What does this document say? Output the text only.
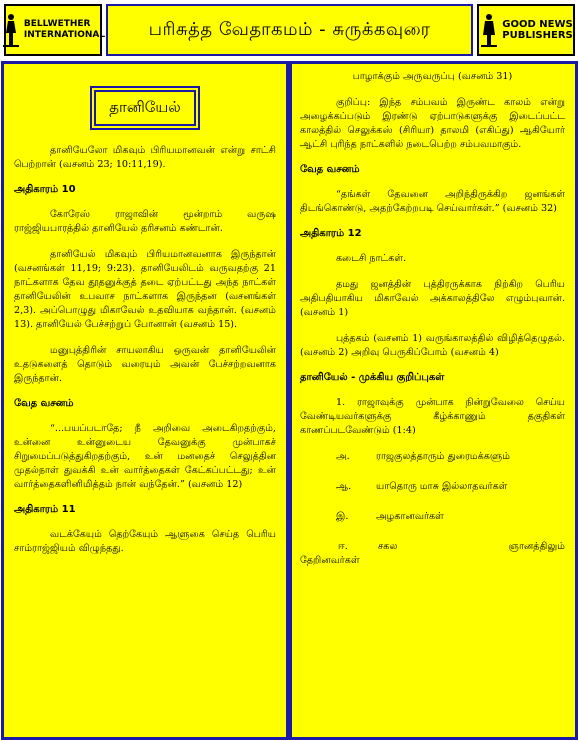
BELLWETHER
INTERNATIONAL பரிசுத்த வேதாகமம் - சுருக்கவுரை	GOOD NEWS
PUBLISHERS
தானியேல்

தானியேலோ மிகவும் பிரியமானவன் என்று சாட்சி பெற்றான் (வசனம் 23; 10:11,19).

அதிகாரம் 10

கோரேஸ் ராஜாவின் மூன்றாம் வருஷ ராஜ்ஜியபாரத்தில் தானியேல் தரிசனம் கண்டான்.

தானியேல் மிகவும் பிரியமானவனாக இருந்தான் (வசனங்கள் 11,19; 9:23). தானியேலிடம் வருவதற்கு 21 நாட்களாக தேவ தூதனுக்குத் தடை ஏற்பட்டது அந்த நாட்கள் தானியேலின் உபவாச நாட்களாக இருந்தன (வசனங்கள் 2,3). அப்பொழுது மிகாவேல் உதவியாக வந்தான். (வசனம் 13). தானியேல் பேச்சற்றுப் போனான் (வசனம் 15).

மனுபுத்திரின் சாயலாகிய ஒருவன் தானியேலின் உதடுகளைத் தொடும் வரையும் அவன் பேச்சற்றவனாக இருந்தான்.

வேத வசனம்

“...பயப்படாதே; நீ அறிவை அடைகிறதற்கும், உன்னை உன்னுடைய தேவனுக்கு முன்பாகச் சிறுமைப்படுத்துகிறதற்கும், உன் மனதைச் செலுத்தின முதல்நாள் துவக்கி உன் வார்த்தைகள் கேட்கப்பட்டது; உன் வார்த்தைகளினிமித்தம் நான் வந்தேன்.” (வசனம் 12)

அதிகாரம் 11

வடக்கேயும் தெற்கேயும் ஆளுகை செய்த பெரிய சாம்ராஜ்ஜியம் விழுந்தது.

பாழாக்கும் அருவருப்பு (வசனம் 31)

குறிப்பு: இந்த சம்பவம் இருண்ட காலம் என்று அழைக்கப்படும் இரண்டு ஏற்பாடுகளுக்கு இடைப்பட்ட காலத்தில் செலுக்கஸ் (சிரியா) தாலமி (எகிப்து) ஆகியோர் ஆட்சி புரிந்த நாட்களில் நடைபெற்ற சம்பவமாகும்.

வேத வசனம்

“தங்கள் தேவனை அறிந்திருக்கிற ஜனங்கள் திடங்கொண்டு, அதற்கேற்றபடி செய்வார்கள்.” (வசனம் 32)

அதிகாரம் 12

கடைசி நாட்கள்.

தமது ஜனத்தின் புத்திரருக்காக நிற்கிற பெரிய அதிபதியாகிய மிகாவேல் அக்காலத்திலே எழும்புவான். (வசனம் 1)

புத்தகம் (வசனம் 1) வருங்காலத்தில் விழித்தெழுதல். (வசனம் 2) அறிவு பெருகிப்போம் (வசனம் 4)

தானியேல் - முக்கிய குறிப்புகள்

1. ராஜாவுக்கு முன்பாக நின்றுவேலை செய்ய வேண்டியவர்களுக்கு கீழ்க்காணும் தகுதிகள் காணப்படவேண்டும் (1:4)

அ.	ராஜகுலத்தாரும் துரைமக்களும்
ஆ.	யாதொரு மாசு இல்லாதவர்கள்
இ.	அழகானவர்கள்
ஈ.	சகல ஞானத்திலும்
தேறினவர்கள்
